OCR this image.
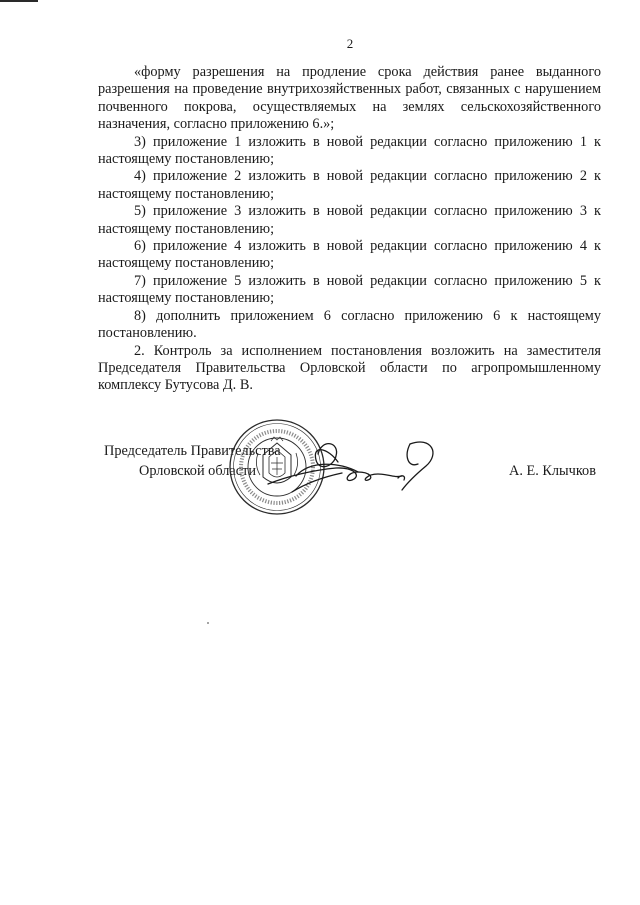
2

«форму разрешения на продление срока действия ранее выданного разрешения на проведение внутрихозяйственных работ, связанных с нарушением почвенного покрова, осуществляемых на землях сельскохозяйственного назначения, согласно приложению 6.»;

3) приложение 1 изложить в новой редакции согласно приложению 1 к настоящему постановлению;

4) приложение 2 изложить в новой редакции согласно приложению 2 к настоящему постановлению;

5) приложение 3 изложить в новой редакции согласно приложению 3 к настоящему постановлению;

6) приложение 4 изложить в новой редакции согласно приложению 4 к настоящему постановлению;

7) приложение 5 изложить в новой редакции согласно приложению 5 к настоящему постановлению;

8) дополнить приложением 6 согласно приложению 6 к настоящему постановлению.

2. Контроль за исполнением постановления возложить на заместителя Председателя Правительства Орловской области по агропромышленному комплексу Бутусова Д. В.

Председатель Правительства
Орловской области	А. Е. Клычков
